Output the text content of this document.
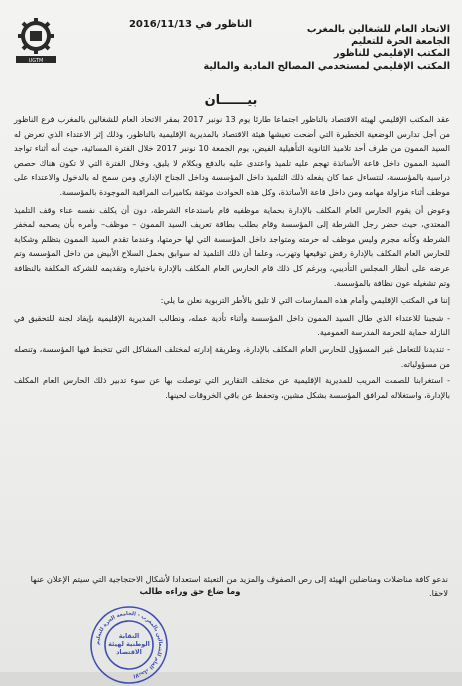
UGTM
الناظور في 2016/11/13	الاتحاد العام للشغالين بالمغرب
الجامعة الحرة للتعليم
المكتب الإقليمي للناظور
المكتب الإقليمي لمستخدمي المصالح المادية والمالية
بيــــــان

عقد المكتب الإقليمي لهيئة الاقتصاد بالناظور اجتماعا طارئا يوم 13 نونبر 2017 بمقر الاتحاد العام للشغالين بالمغرب فرع الناظور من أجل تدارس الوضعية الخطيرة التي أضحت تعيشها هيئة الاقتصاد بالمديرية الإقليمية بالناظور، وذلك إثر الاعتداء الذي تعرض له السيد الممون من طرف أحد تلاميذ الثانوية التأهيلية الفيض، يوم الجمعة 10 نونبر 2017 خلال الفترة المسائية، حيث أنه أثناء تواجد السيد الممون داخل قاعة الأساتذة تهجم عليه تلميذ واعتدى عليه بالدفع وبكلام لا يليق، وخلال الفترة التي لا تكون هناك حصص دراسية بالمؤسسة، لنتساءل عما كان يفعله ذلك التلميذ داخل المؤسسة وداخل الجناح الإداري ومن سمح له بالدخول والاعتداء على موظف أثناء مزاولة مهامه ومن داخل قاعة الأساتذة، وكل هذه الحوادث موثقة بكاميرات المراقبة الموجودة بالمؤسسة.

وعوض أن يقوم الحارس العام المكلف بالإدارة بحماية موظفيه قام باستدعاء الشرطة، دون أن يكلف نفسه عناء وقف التلميذ المعتدي، حيث حضر رجل الشرطة إلى المؤسسة وقام بطلب بطاقة تعريف السيد الممون – موظف– وأمره بأن يصحبه لمخفر الشرطة وكأنه مجرم وليس موظف له حرمته ومتواجد داخل المؤسسة التي لها حرمتها، وعندما تقدم السيد الممون بتظلم وشكاية للحارس العام المكلف بالإدارة رفض توقيعها وتهرب، وعلما أن ذلك التلميذ له سوابق بحمل السلاح الأبيض من داخل المؤسسة وتم عرضه على أنظار المجلس التأديبي، وبرغم كل ذلك قام الحارس العام المكلف بالإدارة باختياره وتقديمه للشركة المكلفة بالنظافة وتم تشغيله عون نظافة بالمؤسسة.

إننا في المكتب الإقليمي وأمام هذه الممارسات التي لا تليق بالأطر التربوية نعلن ما يلي:

- شجبنا للاعتداء الذي طال السيد الممون داخل المؤسسة وأثناء تأدية عمله، ونطالب المديرية الإقليمية بإيفاد لجنة للتحقيق في النازلة حماية للحرمة المدرسة العمومية.
- تنديدنا للتعامل غير المسؤول للحارس العام المكلف بالإدارة، وطريقة إدارته لمختلف المشاكل التي تتخبط فيها المؤسسة، وتنصله من مسؤولياته.
- استغرابنا للصمت المريب للمديرية الإقليمية عن مختلف التقارير التي توصلت بها عن سوء تدبير ذلك الحارس العام المكلف بالإدارة، واستغلاله لمرافق المؤسسة بشكل مشين، وتحفظ عن باقي الخروقات لحينها.
ندعو كافة مناضلات ومناضلين الهيئة إلى رص الصفوف والمزيد من التعبئة استعدادا لأشكال الاحتجاجية التي سيتم الإعلان عنها لاحقا.
وما ضاع حق وراءه طالب
الاتحاد العام للشغالين بالمغرب - الجامعة الحرة للتعليم
النقابة الوطنية لهيئة الاقتصاد
